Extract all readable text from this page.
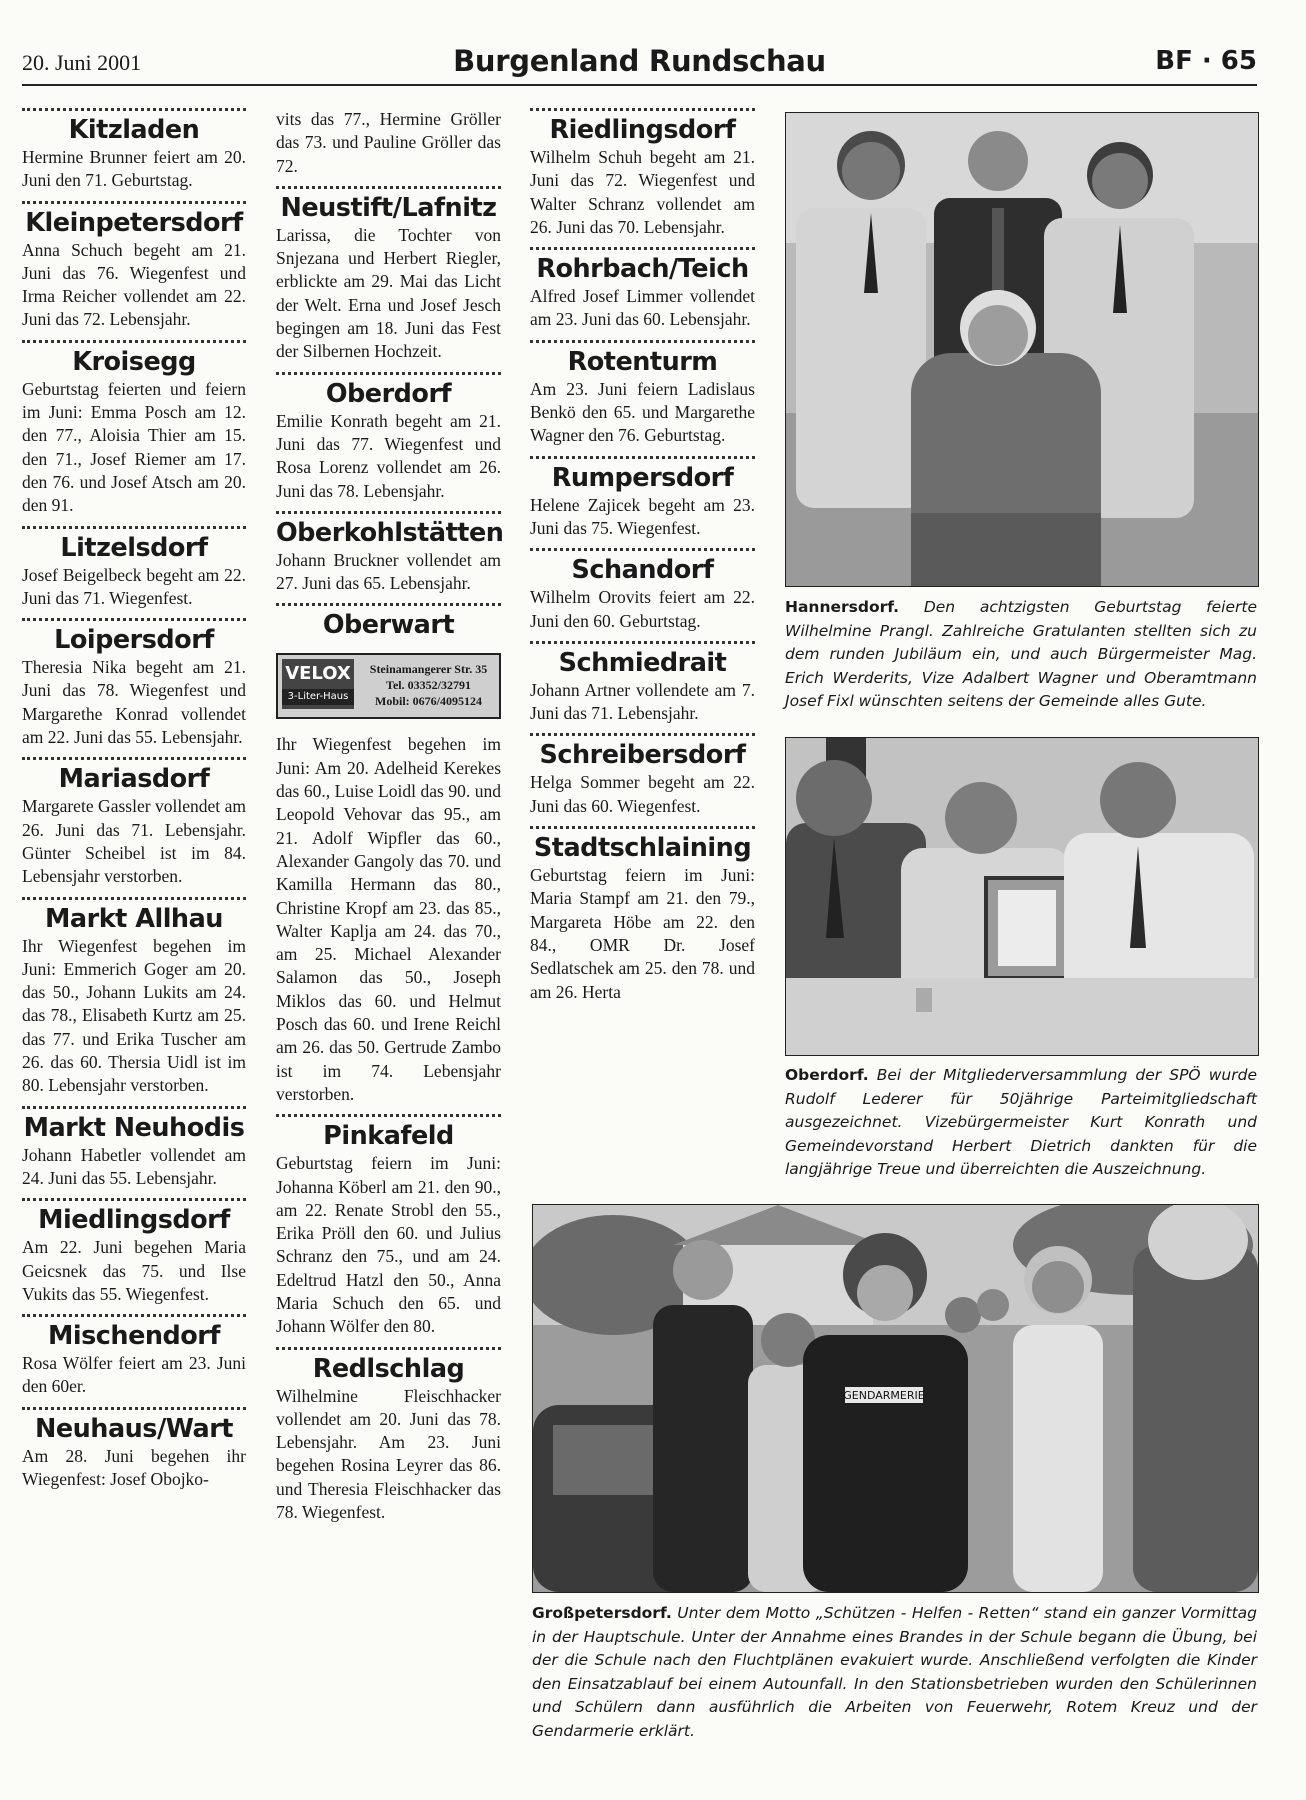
20. Juni 2001	Burgenland Rundschau	BF · 65
Kitzladen
Hermine Brunner feiert am 20. Juni den 71. Geburtstag.
Kleinpetersdorf
Anna Schuch begeht am 21. Juni das 76. Wiegenfest und Irma Reicher vollendet am 22. Juni das 72. Lebensjahr.
Kroisegg
Geburtstag feierten und feiern im Juni: Emma Posch am 12. den 77., Aloisia Thier am 15. den 71., Josef Riemer am 17. den 76. und Josef Atsch am 20. den 91.
Litzelsdorf
Josef Beigelbeck begeht am 22. Juni das 71. Wiegenfest.
Loipersdorf
Theresia Nika begeht am 21. Juni das 78. Wiegenfest und Margarethe Konrad vollendet am 22. Juni das 55. Lebensjahr.
Mariasdorf
Margarete Gassler vollendet am 26. Juni das 71. Lebensjahr. Günter Scheibel ist im 84. Lebensjahr verstorben.
Markt Allhau
Ihr Wiegenfest begehen im Juni: Emmerich Goger am 20. das 50., Johann Lukits am 24. das 78., Elisabeth Kurtz am 25. das 77. und Erika Tuscher am 26. das 60. Thersia Uidl ist im 80. Lebensjahr verstorben.
Markt Neuhodis
Johann Habetler vollendet am 24. Juni das 55. Lebensjahr.
Miedlingsdorf
Am 22. Juni begehen Maria Geicsnek das 75. und Ilse Vukits das 55. Wiegenfest.
Mischendorf
Rosa Wölfer feiert am 23. Juni den 60er.
Neuhaus/Wart
Am 28. Juni begehen ihr Wiegenfest: Josef Obojko-
vits das 77., Hermine Gröller das 73. und Pauline Gröller das 72.
Neustift/Lafnitz
Larissa, die Tochter von Snjezana und Herbert Riegler, erblickte am 29. Mai das Licht der Welt. Erna und Josef Jesch begingen am 18. Juni das Fest der Silbernen Hochzeit.
Oberdorf
Emilie Konrath begeht am 21. Juni das 77. Wiegenfest und Rosa Lorenz vollendet am 26. Juni das 78. Lebensjahr.
Oberkohlstätten
Johann Bruckner vollendet am 27. Juni das 65. Lebensjahr.
Oberwart
VELOX
3-Liter-Haus
Steinamangerer Str. 35
Tel. 03352/32791
Mobil: 0676/4095124
Ihr Wiegenfest begehen im Juni: Am 20. Adelheid Kerekes das 60., Luise Loidl das 90. und Leopold Vehovar das 95., am 21. Adolf Wipfler das 60., Alexander Gangoly das 70. und Kamilla Hermann das 80., Christine Kropf am 23. das 85., Walter Kaplja am 24. das 70., am 25. Michael Alexander Salamon das 50., Joseph Miklos das 60. und Helmut Posch das 60. und Irene Reichl am 26. das 50. Gertrude Zambo ist im 74. Lebensjahr verstorben.
Pinkafeld
Geburtstag feiern im Juni: Johanna Köberl am 21. den 90., am 22. Renate Strobl den 55., Erika Pröll den 60. und Julius Schranz den 75., und am 24. Edeltrud Hatzl den 50., Anna Maria Schuch den 65. und Johann Wölfer den 80.
Redlschlag
Wilhelmine Fleischhacker vollendet am 20. Juni das 78. Lebensjahr. Am 23. Juni begehen Rosina Leyrer das 86. und Theresia Fleischhacker das 78. Wiegenfest.
Riedlingsdorf
Wilhelm Schuh begeht am 21. Juni das 72. Wiegenfest und Walter Schranz vollendet am 26. Juni das 70. Lebensjahr.
Rohrbach/Teich
Alfred Josef Limmer vollendet am 23. Juni das 60. Lebensjahr.
Rotenturm
Am 23. Juni feiern Ladislaus Benkö den 65. und Margarethe Wagner den 76. Geburtstag.
Rumpersdorf
Helene Zajicek begeht am 23. Juni das 75. Wiegenfest.
Schandorf
Wilhelm Orovits feiert am 22. Juni den 60. Geburtstag.
Schmiedrait
Johann Artner vollendete am 7. Juni das 71. Lebensjahr.
Schreibersdorf
Helga Sommer begeht am 22. Juni das 60. Wiegenfest.
Stadtschlaining
Geburtstag feiern im Juni: Maria Stampf am 21. den 79., Margareta Höbe am 22. den 84., OMR Dr. Josef Sedlatschek am 25. den 78. und am 26. Herta
Hannersdorf. Den achtzigsten Geburtstag feierte Wilhelmine Prangl. Zahlreiche Gratulanten stellten sich zu dem runden Jubiläum ein, und auch Bürgermeister Mag. Erich Werderits, Vize Adalbert Wagner und Oberamtmann Josef Fixl wünschten seitens der Gemeinde alles Gute.
Oberdorf. Bei der Mitgliederversammlung der SPÖ wurde Rudolf Lederer für 50jährige Parteimitgliedschaft ausgezeichnet. Vizebürgermeister Kurt Konrath und Gemeindevorstand Herbert Dietrich dankten für die langjährige Treue und überreichten die Auszeichnung.
GENDARMERIE
Großpetersdorf. Unter dem Motto „Schützen - Helfen - Retten“ stand ein ganzer Vormittag in der Hauptschule. Unter der Annahme eines Brandes in der Schule begann die Übung, bei der die Schule nach den Fluchtplänen evakuiert wurde. Anschließend verfolgten die Kinder den Einsatzablauf bei einem Autounfall. In den Stationsbetrieben wurden den Schülerinnen und Schülern dann ausführlich die Arbeiten von Feuerwehr, Rotem Kreuz und der Gendarmerie erklärt.
